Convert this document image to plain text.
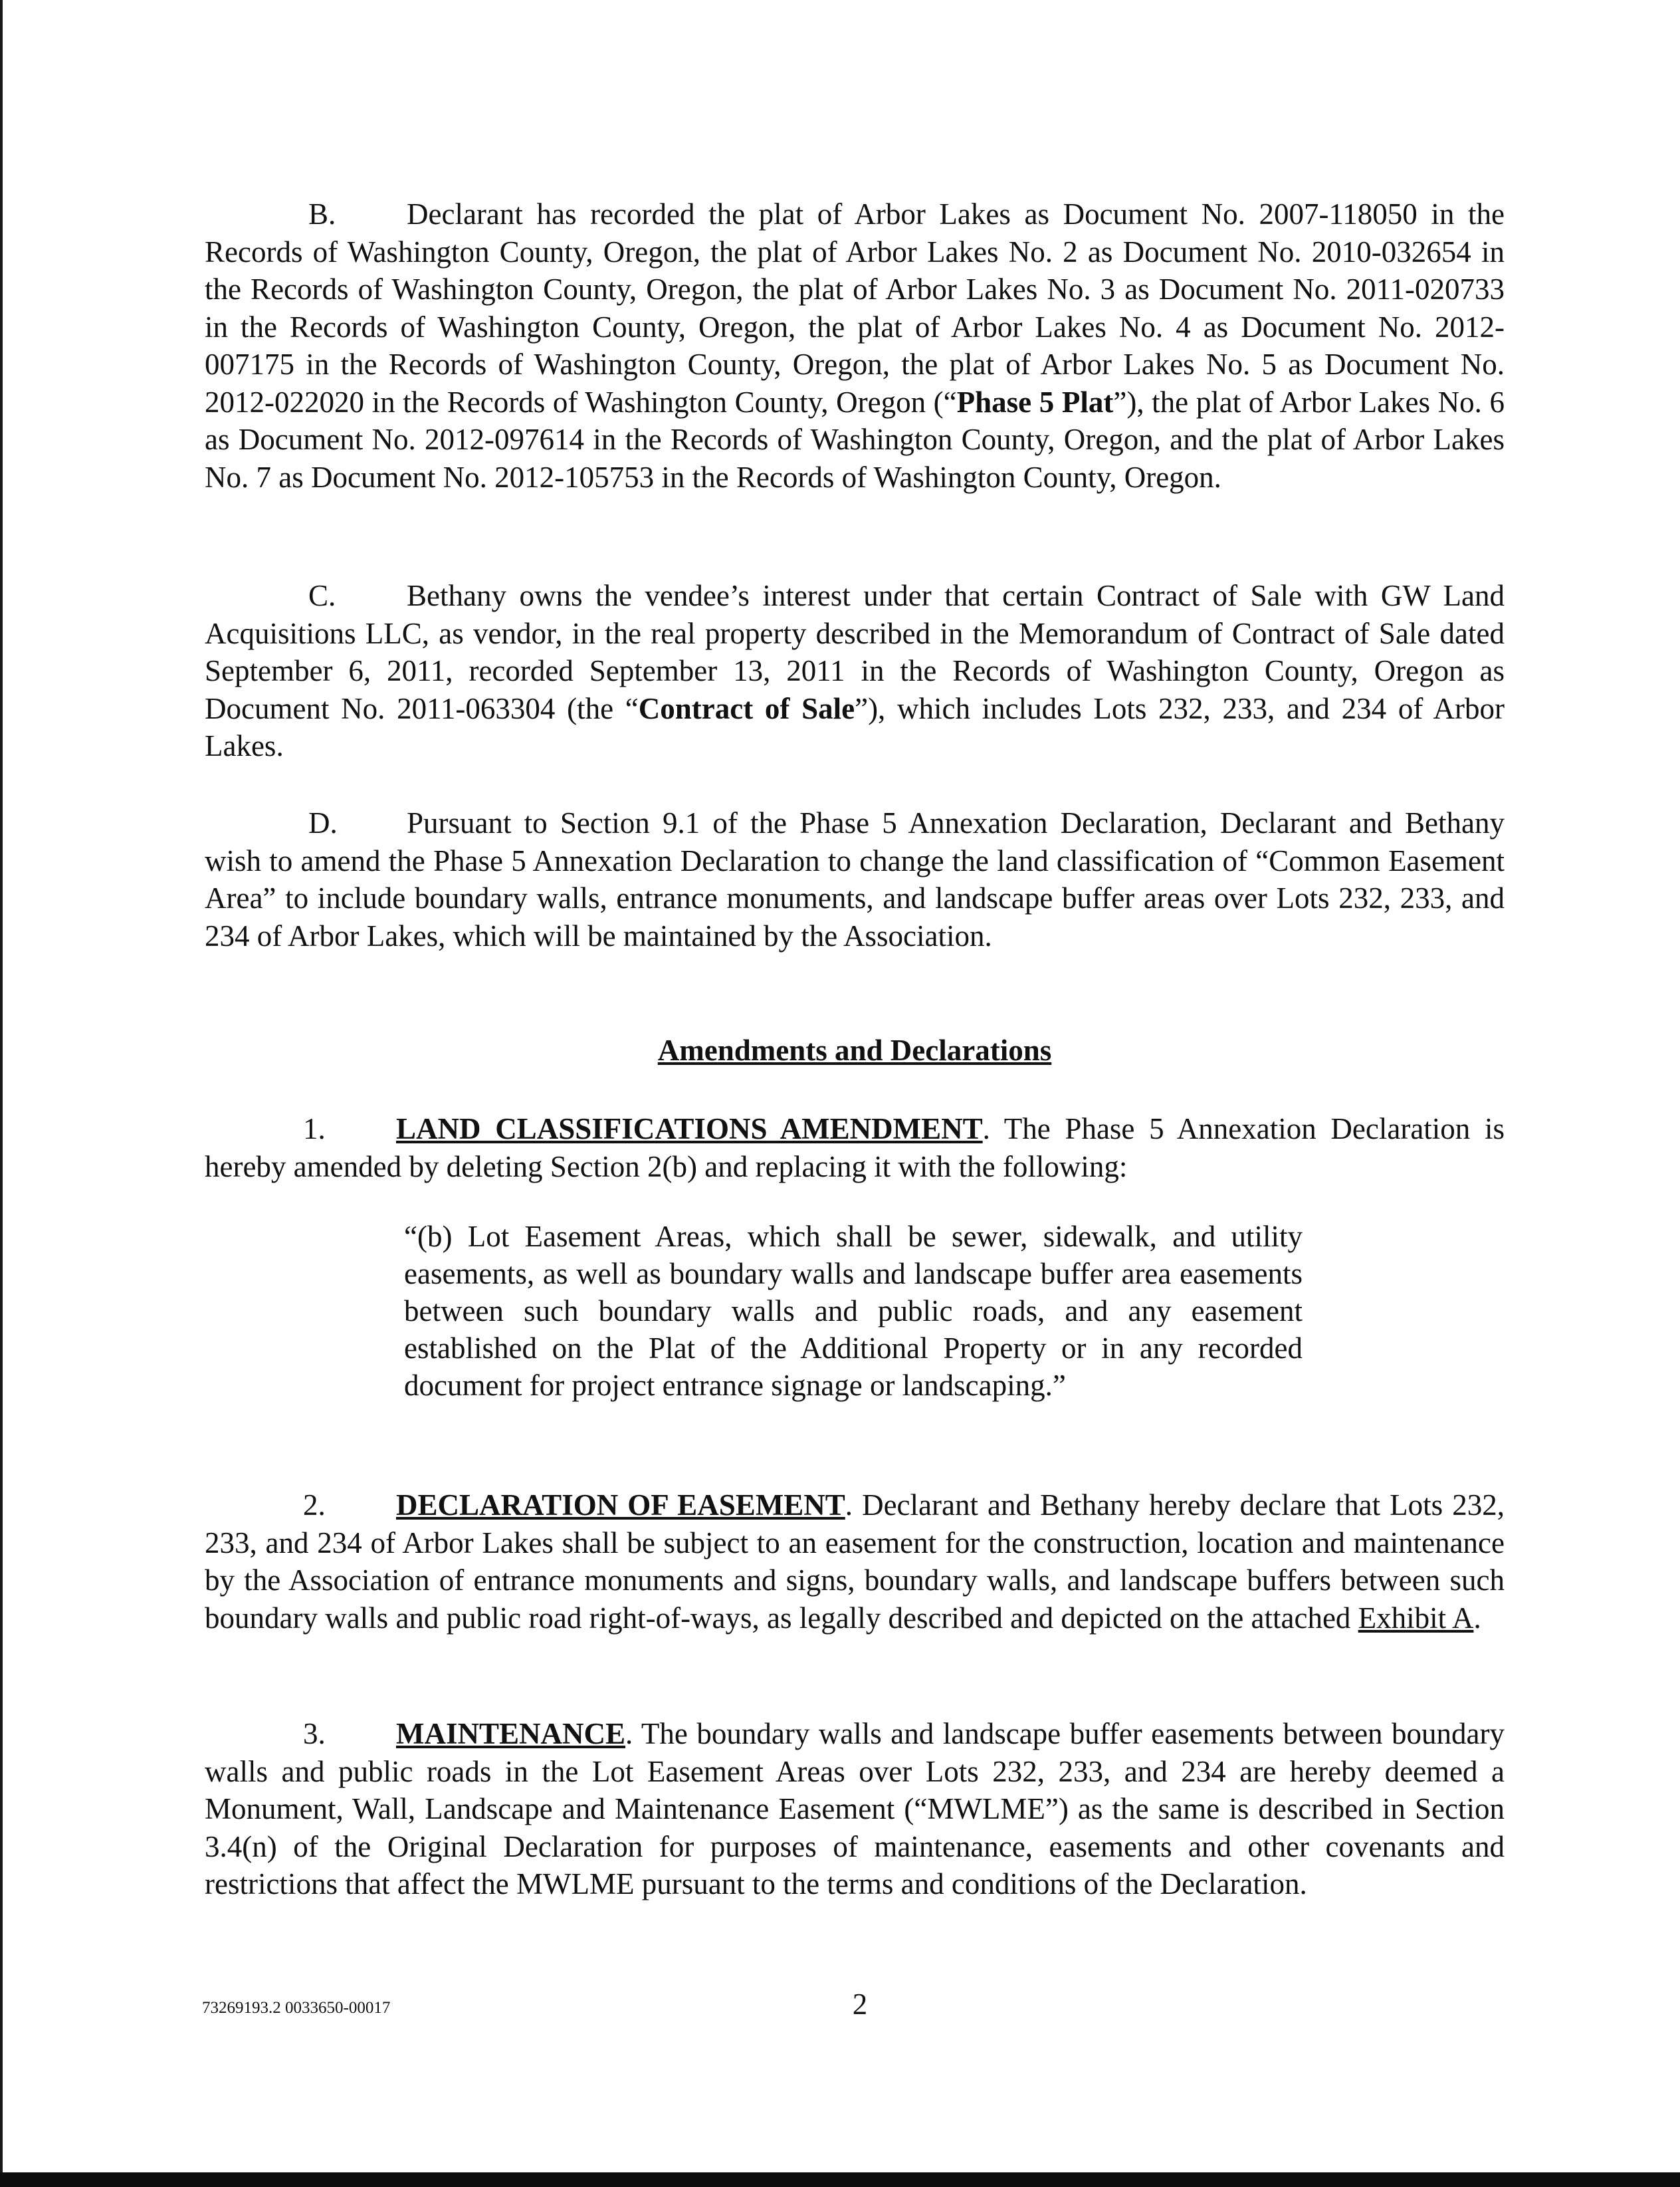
B. Declarant has recorded the plat of Arbor Lakes as Document No. 2007-118050 in the Records of Washington County, Oregon, the plat of Arbor Lakes No. 2 as Document No. 2010-032654 in the Records of Washington County, Oregon, the plat of Arbor Lakes No. 3 as Document No. 2011-020733 in the Records of Washington County, Oregon, the plat of Arbor Lakes No. 4 as Document No. 2012-007175 in the Records of Washington County, Oregon, the plat of Arbor Lakes No. 5 as Document No. 2012-022020 in the Records of Washington County, Oregon (“Phase 5 Plat”), the plat of Arbor Lakes No. 6 as Document No. 2012-097614 in the Records of Washington County, Oregon, and the plat of Arbor Lakes No. 7 as Document No. 2012-105753 in the Records of Washington County, Oregon.

C. Bethany owns the vendee’s interest under that certain Contract of Sale with GW Land Acquisitions LLC, as vendor, in the real property described in the Memorandum of Contract of Sale dated September 6, 2011, recorded September 13, 2011 in the Records of Washington County, Oregon as Document No. 2011-063304 (the “Contract of Sale”), which includes Lots 232, 233, and 234 of Arbor Lakes.

D. Pursuant to Section 9.1 of the Phase 5 Annexation Declaration, Declarant and Bethany wish to amend the Phase 5 Annexation Declaration to change the land classification of “Common Easement Area” to include boundary walls, entrance monuments, and landscape buffer areas over Lots 232, 233, and 234 of Arbor Lakes, which will be maintained by the Association.

Amendments and Declarations

1. LAND CLASSIFICATIONS AMENDMENT. The Phase 5 Annexation Declaration is hereby amended by deleting Section 2(b) and replacing it with the following:

“(b) Lot Easement Areas, which shall be sewer, sidewalk, and utility easements, as well as boundary walls and landscape buffer area easements between such boundary walls and public roads, and any easement established on the Plat of the Additional Property or in any recorded document for project entrance signage or landscaping.”

2. DECLARATION OF EASEMENT. Declarant and Bethany hereby declare that Lots 232, 233, and 234 of Arbor Lakes shall be subject to an easement for the construction, location and maintenance by the Association of entrance monuments and signs, boundary walls, and landscape buffers between such boundary walls and public road right-of-ways, as legally described and depicted on the attached Exhibit A.

3. MAINTENANCE. The boundary walls and landscape buffer easements between boundary walls and public roads in the Lot Easement Areas over Lots 232, 233, and 234 are hereby deemed a Monument, Wall, Landscape and Maintenance Easement (“MWLME”) as the same is described in Section 3.4(n) of the Original Declaration for purposes of maintenance, easements and other covenants and restrictions that affect the MWLME pursuant to the terms and conditions of the Declaration.

73269193.2 0033650-00017	2
